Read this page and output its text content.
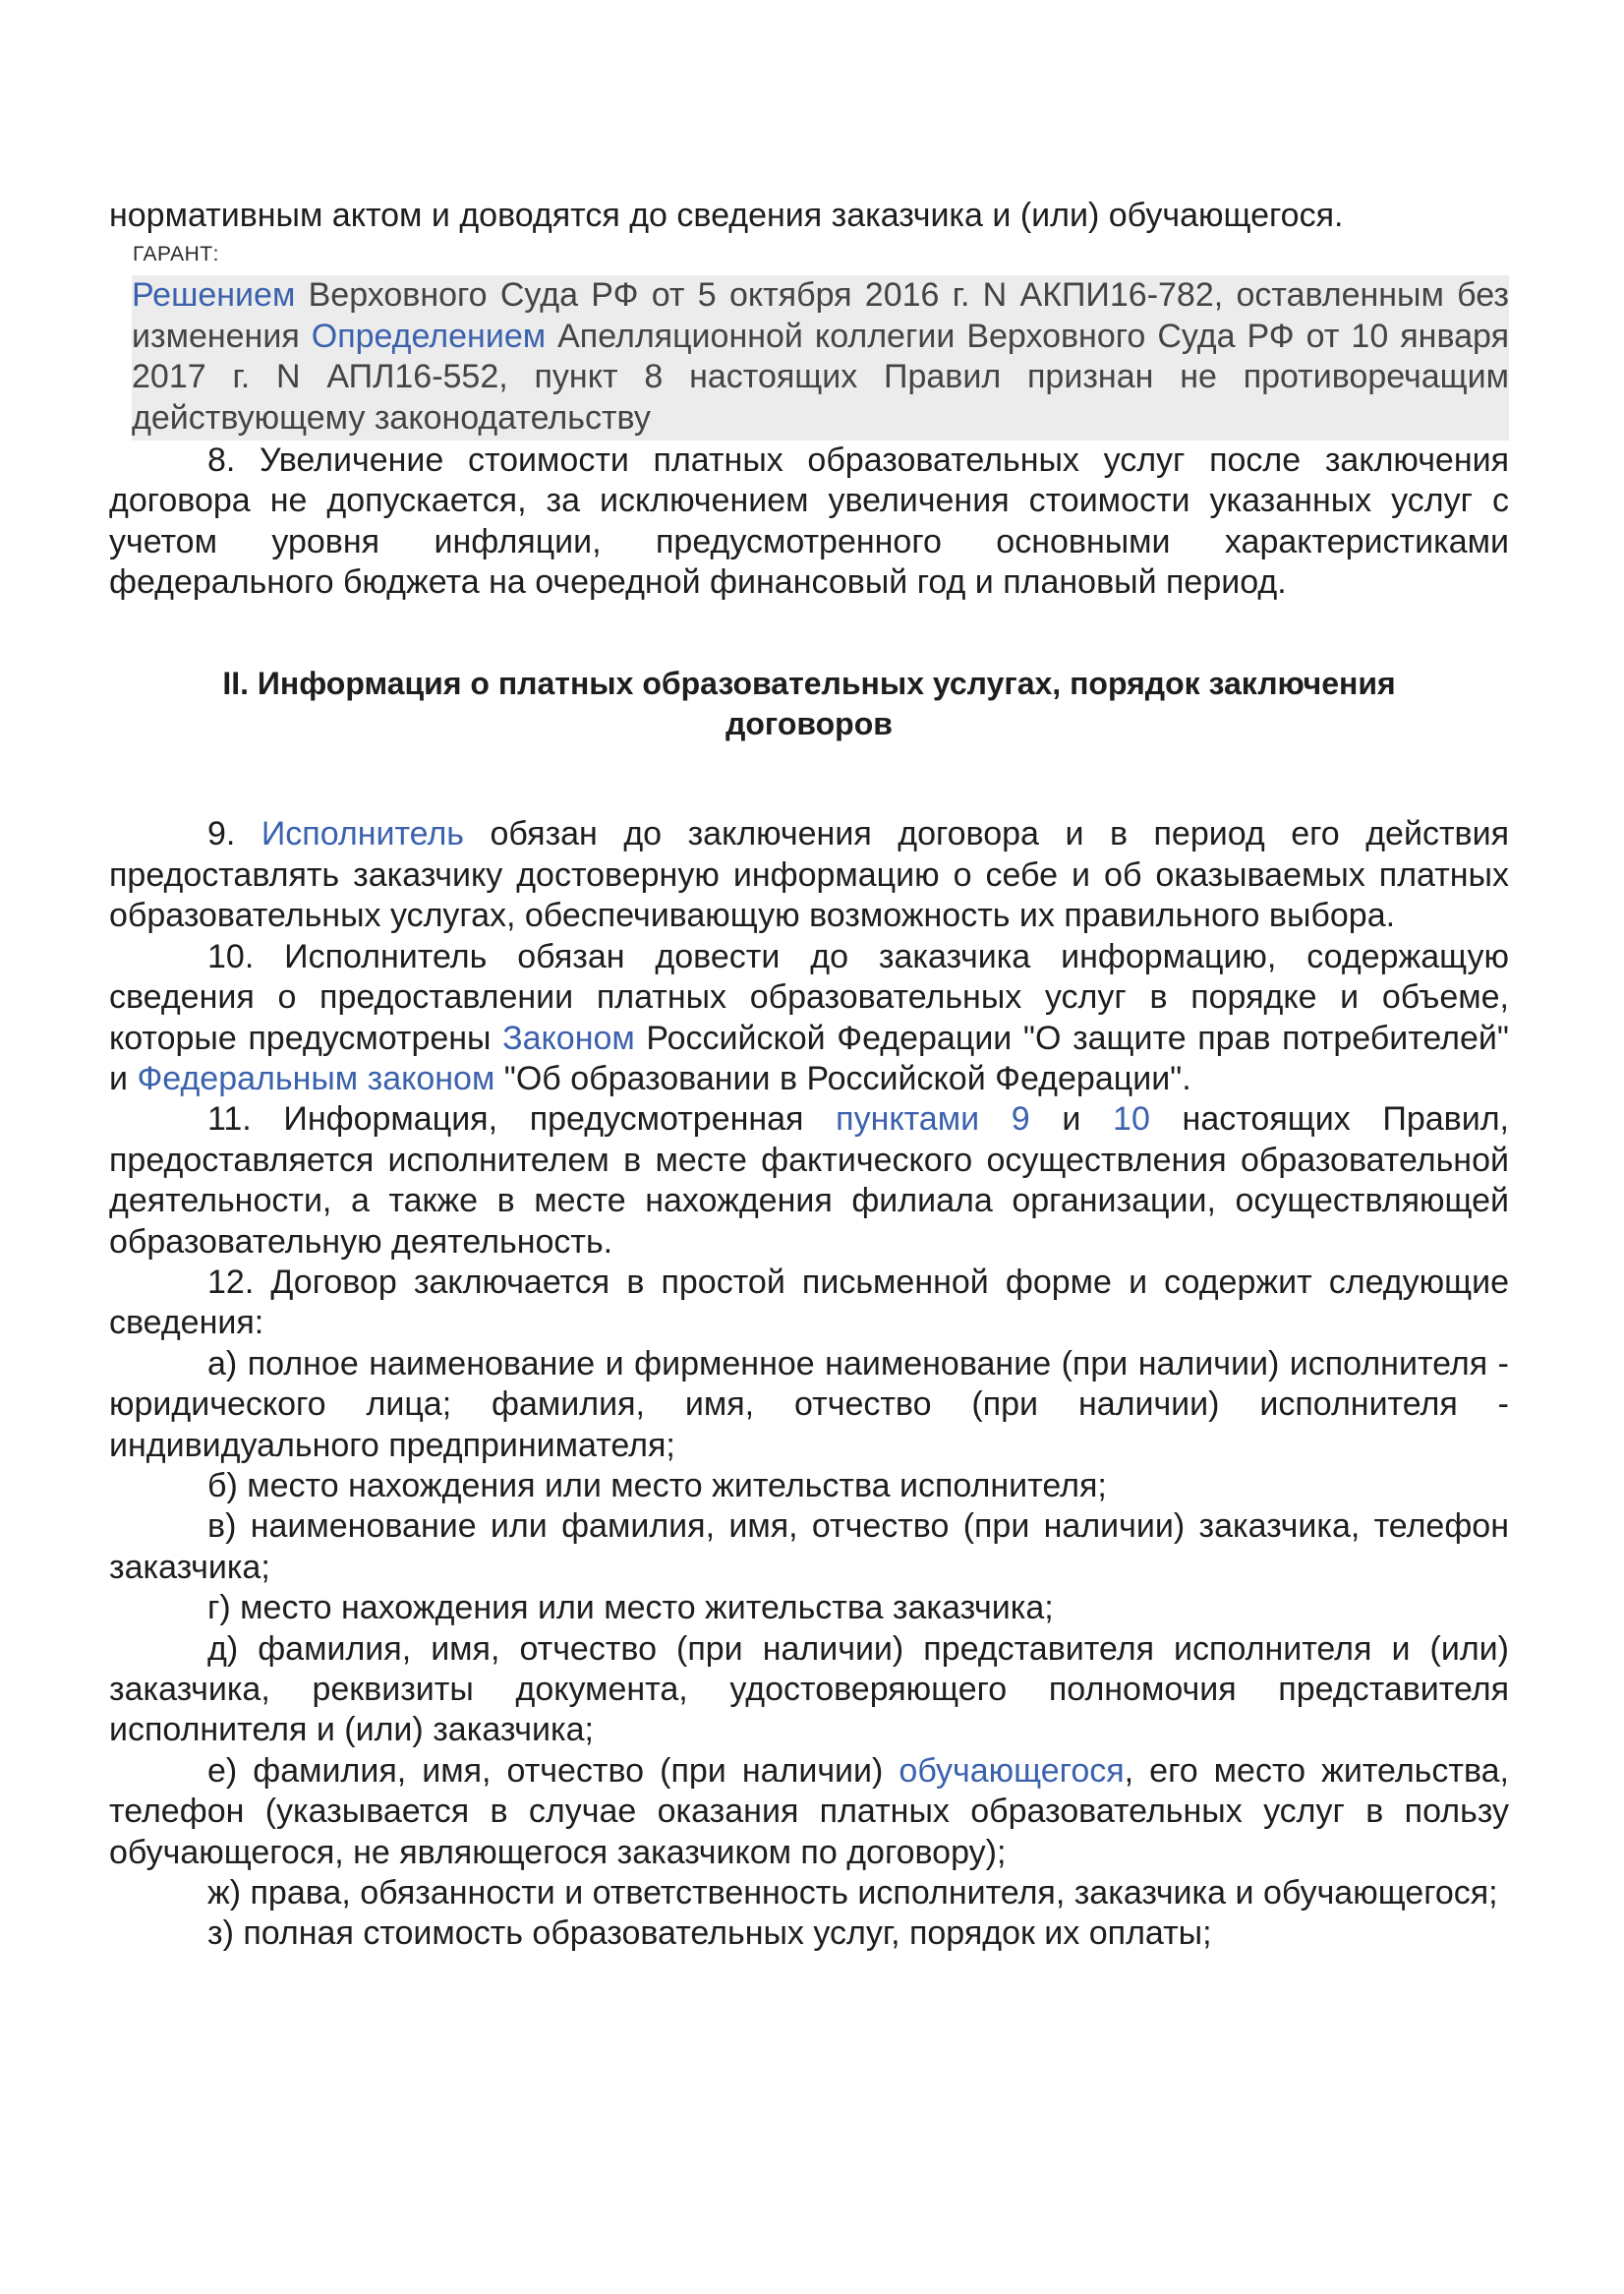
нормативным актом и доводятся до сведения заказчика и (или) обучающегося.

ГАРАНТ:
Решением Верховного Суда РФ от 5 октября 2016 г. N АКПИ16-782, оставленным без изменения Определением Апелляционной коллегии Верховного Суда РФ от 10 января 2017 г. N АПЛ16-552, пункт 8 настоящих Правил признан не противоречащим действующему законодательству

8. Увеличение стоимости платных образовательных услуг после заключения договора не допускается, за исключением увеличения стоимости указанных услуг с учетом уровня инфляции, предусмотренного основными характеристиками федерального бюджета на очередной финансовый год и плановый период.

II. Информация о платных образовательных услугах, порядок заключения договоров

9. Исполнитель обязан до заключения договора и в период его действия предоставлять заказчику достоверную информацию о себе и об оказываемых платных образовательных услугах, обеспечивающую возможность их правильного выбора.

10. Исполнитель обязан довести до заказчика информацию, содержащую сведения о предоставлении платных образовательных услуг в порядке и объеме, которые предусмотрены Законом Российской Федерации "О защите прав потребителей" и Федеральным законом "Об образовании в Российской Федерации".

11. Информация, предусмотренная пунктами 9 и 10 настоящих Правил, предоставляется исполнителем в месте фактического осуществления образовательной деятельности, а также в месте нахождения филиала организации, осуществляющей образовательную деятельность.

12. Договор заключается в простой письменной форме и содержит следующие сведения:

а) полное наименование и фирменное наименование (при наличии) исполнителя - юридического лица; фамилия, имя, отчество (при наличии) исполнителя - индивидуального предпринимателя;

б) место нахождения или место жительства исполнителя;

в) наименование или фамилия, имя, отчество (при наличии) заказчика, телефон заказчика;

г) место нахождения или место жительства заказчика;

д) фамилия, имя, отчество (при наличии) представителя исполнителя и (или) заказчика, реквизиты документа, удостоверяющего полномочия представителя исполнителя и (или) заказчика;

е) фамилия, имя, отчество (при наличии) обучающегося, его место жительства, телефон (указывается в случае оказания платных образовательных услуг в пользу обучающегося, не являющегося заказчиком по договору);

ж) права, обязанности и ответственность исполнителя, заказчика и обучающегося;

з) полная стоимость образовательных услуг, порядок их оплаты;
